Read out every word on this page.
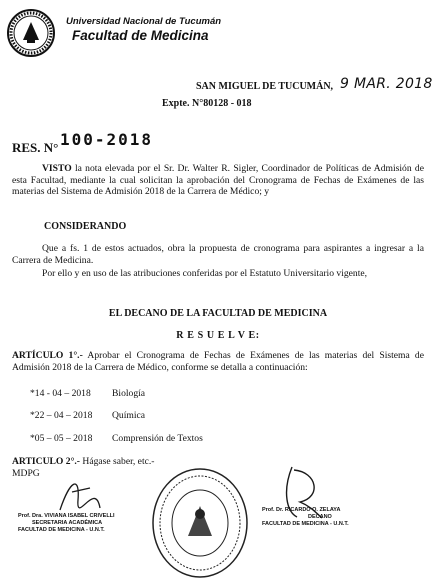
Universidad Nacional de Tucumán
Facultad de Medicina
SAN MIGUEL DE TUCUMÁN, 9 MAR. 2018
Expte. N°80128 - 018
RES. N° 100-2018
VISTO la nota elevada por el Sr. Dr. Walter R. Sigler, Coordinador de Políticas de Admisión de esta Facultad, mediante la cual solicitan la aprobación del Cronograma de Fechas de Exámenes de las materias del Sistema de Admisión 2018 de la Carrera de Médico; y
CONSIDERANDO
Que a fs. 1 de estos actuados, obra la propuesta de cronograma para aspirantes a ingresar a la Carrera de Medicina.
Por ello y en uso de las atribuciones conferidas por el Estatuto Universitario vigente,
EL DECANO DE LA FACULTAD DE MEDICINA
R E S U E L V E:
ARTÍCULO 1°.- Aprobar el Cronograma de Fechas de Exámenes de las materias del Sistema de Admisión 2018 de la Carrera de Médico, conforme se detalla a continuación:
*14 - 04 – 2018 Biología
*22 – 04 – 2018 Química
*05 – 05 – 2018 Comprensión de Textos
ARTICULO 2°.- Hágase saber, etc.-
MDPG
Prof. Dra. VIVIANA ISABEL CRIVELLI
SECRETARIA ACADÉMICA
FACULTAD DE MEDICINA - U.N.T.
Prof. Dr. RICARDO O. ZELAYA
DECANO
FACULTAD DE MEDICINA - U.N.T.
